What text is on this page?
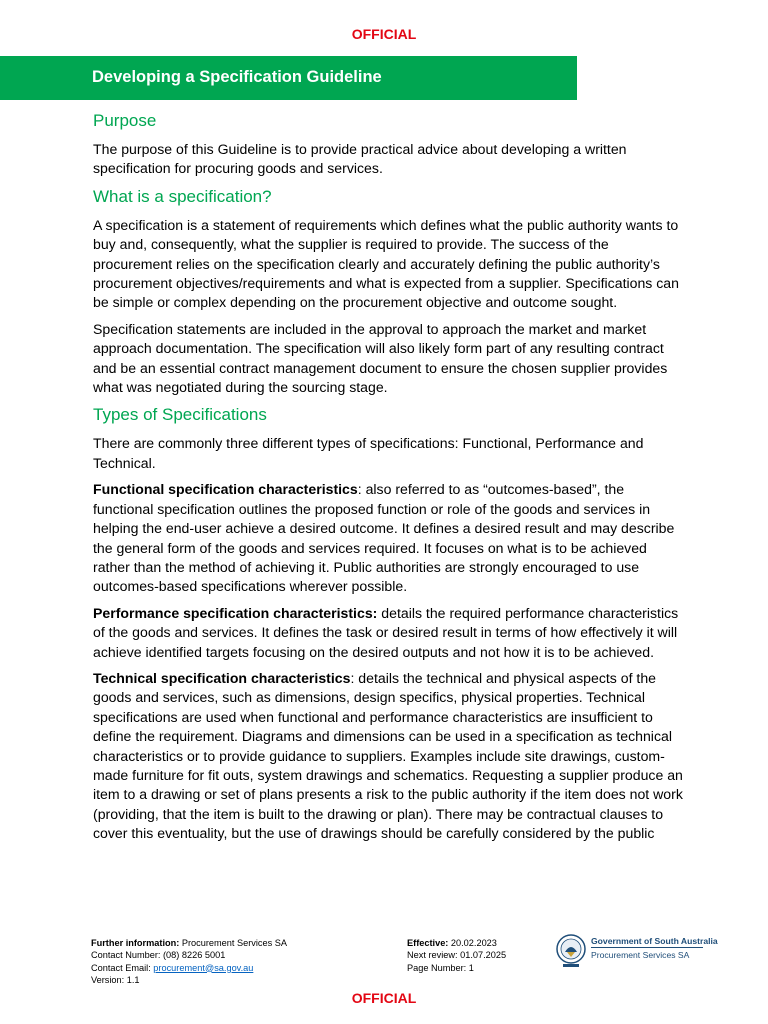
OFFICIAL
Developing a Specification Guideline
Purpose

The purpose of this Guideline is to provide practical advice about developing a written specification for procuring goods and services.

What is a specification?

A specification is a statement of requirements which defines what the public authority wants to buy and, consequently, what the supplier is required to provide. The success of the procurement relies on the specification clearly and accurately defining the public authority’s procurement objectives/requirements and what is expected from a supplier. Specifications can be simple or complex depending on the procurement objective and outcome sought.

Specification statements are included in the approval to approach the market and market approach documentation. The specification will also likely form part of any resulting contract and be an essential contract management document to ensure the chosen supplier provides what was negotiated during the sourcing stage.

Types of Specifications

There are commonly three different types of specifications: Functional, Performance and Technical.

Functional specification characteristics: also referred to as “outcomes-based”, the functional specification outlines the proposed function or role of the goods and services in helping the end-user achieve a desired outcome. It defines a desired result and may describe the general form of the goods and services required. It focuses on what is to be achieved rather than the method of achieving it. Public authorities are strongly encouraged to use outcomes-based specifications wherever possible.

Performance specification characteristics: details the required performance characteristics of the goods and services. It defines the task or desired result in terms of how effectively it will achieve identified targets focusing on the desired outputs and not how it is to be achieved.

Technical specification characteristics: details the technical and physical aspects of the goods and services, such as dimensions, design specifics, physical properties. Technical specifications are used when functional and performance characteristics are insufficient to define the requirement. Diagrams and dimensions can be used in a specification as technical characteristics or to provide guidance to suppliers. Examples include site drawings, custom-made furniture for fit outs, system drawings and schematics. Requesting a supplier produce an item to a drawing or set of plans presents a risk to the public authority if the item does not work (providing, that the item is built to the drawing or plan). There may be contractual clauses to cover this eventuality, but the use of drawings should be carefully considered by the public

Further information: Procurement Services SA
Contact Number: (08) 8226 5001
Contact Email: procurement@sa.gov.au
Version: 1.1
Effective: 20.02.2023
Next review: 01.07.2025
Page Number: 1
Government of South Australia
Procurement Services SA
OFFICIAL
